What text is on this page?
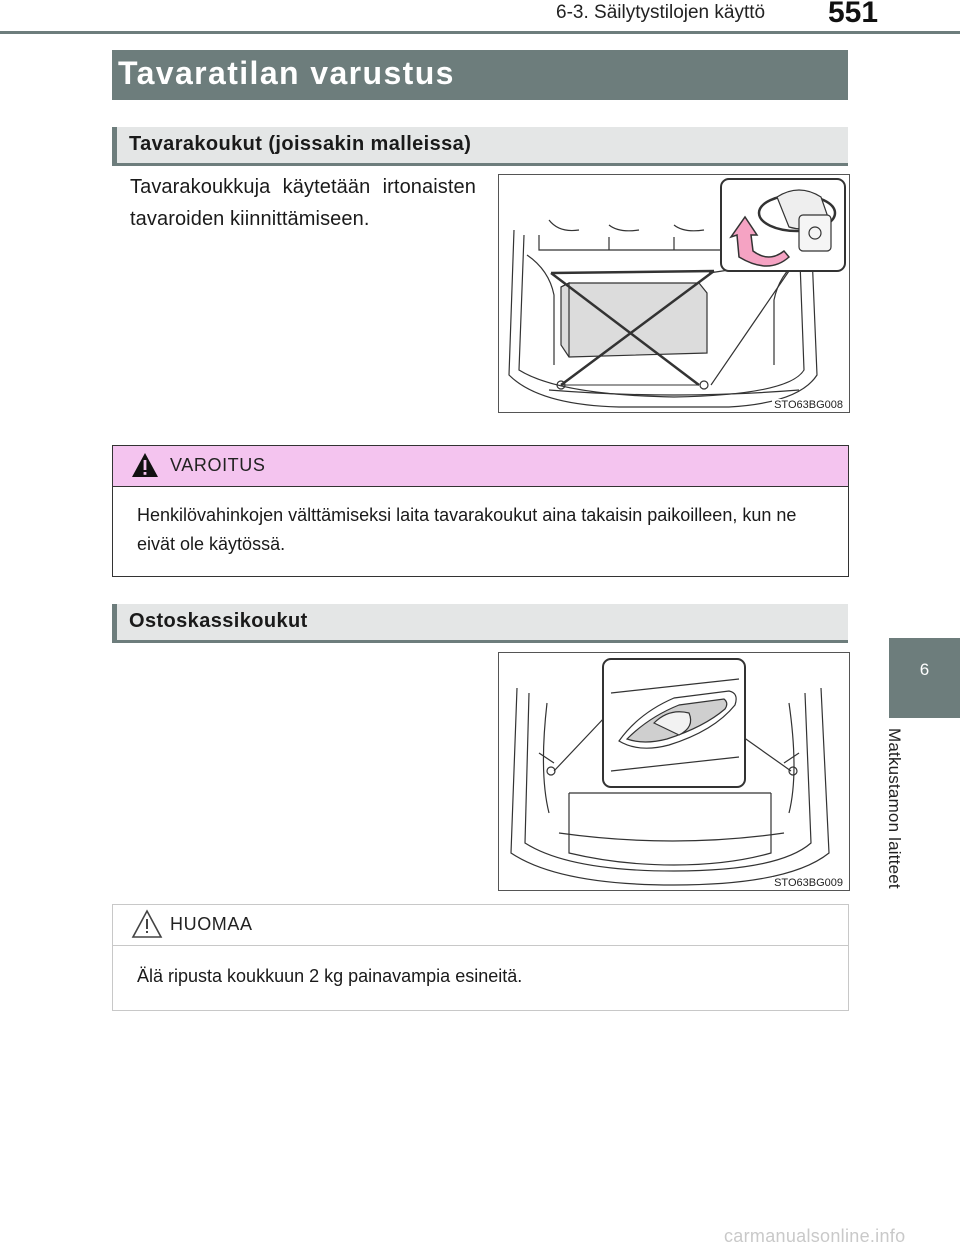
6-3. Säilytystilojen käyttö 551
6
Matkustamon laitteet
Tavaratilan varustus
Tavarakoukut (joissakin malleissa)
Tavarakoukkuja käytetään irtonaisten tavaroiden kiinnittämiseen.
STO63BG008
VAROITUS
Henkilövahinkojen välttämiseksi laita tavarakoukut aina takaisin paikoilleen, kun ne eivät ole käytössä.
Ostoskassikoukut
STO63BG009
HUOMAA
Älä ripusta koukkuun 2 kg painavampia esineitä.
carmanualsonline.info
